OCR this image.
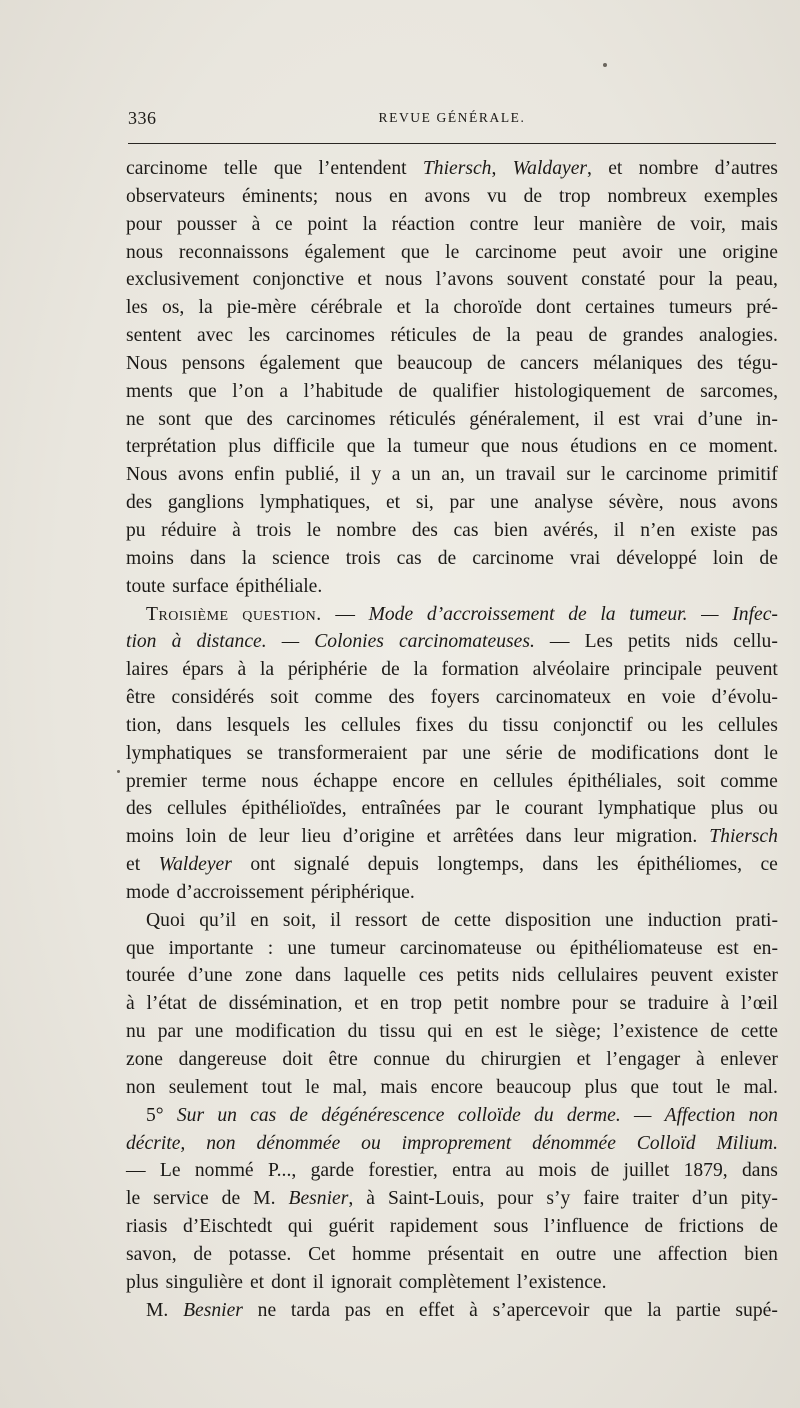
336	REVUE GÉNÉRALE.
carcinome telle que l’entendent Thiersch, Waldayer, et nombre d’autres
observateurs éminents; nous en avons vu de trop nombreux exemples
pour pousser à ce point la réaction contre leur manière de voir, mais
nous reconnaissons également que le carcinome peut avoir une origine
exclusivement conjonctive et nous l’avons souvent constaté pour la peau,
les os, la pie-mère cérébrale et la choroïde dont certaines tumeurs pré-
sentent avec les carcinomes réticules de la peau de grandes analogies.
Nous pensons également que beaucoup de cancers mélaniques des tégu-
ments que l’on a l’habitude de qualifier histologiquement de sarcomes,
ne sont que des carcinomes réticulés généralement, il est vrai d’une in-
terprétation plus difficile que la tumeur que nous étudions en ce moment.
Nous avons enfin publié, il y a un an, un travail sur le carcinome primitif
des ganglions lymphatiques, et si, par une analyse sévère, nous avons
pu réduire à trois le nombre des cas bien avérés, il n’en existe pas
moins dans la science trois cas de carcinome vrai développé loin de
toute surface épithéliale.
Troisième question. — Mode d’accroissement de la tumeur. — Infec-
tion à distance. — Colonies carcinomateuses. — Les petits nids cellu-
laires épars à la périphérie de la formation alvéolaire principale peuvent
être considérés soit comme des foyers carcinomateux en voie d’évolu-
tion, dans lesquels les cellules fixes du tissu conjonctif ou les cellules
lymphatiques se transformeraient par une série de modifications dont le
premier terme nous échappe encore en cellules épithéliales, soit comme
des cellules épithélioïdes, entraînées par le courant lymphatique plus ou
moins loin de leur lieu d’origine et arrêtées dans leur migration. Thiersch
et Waldeyer ont signalé depuis longtemps, dans les épithéliomes, ce
mode d’accroissement périphérique.
Quoi qu’il en soit, il ressort de cette disposition une induction prati-
que importante : une tumeur carcinomateuse ou épithéliomateuse est en-
tourée d’une zone dans laquelle ces petits nids cellulaires peuvent exister
à l’état de dissémination, et en trop petit nombre pour se traduire à l’œil
nu par une modification du tissu qui en est le siège; l’existence de cette
zone dangereuse doit être connue du chirurgien et l’engager à enlever
non seulement tout le mal, mais encore beaucoup plus que tout le mal.
5° Sur un cas de dégénérescence colloïde du derme. — Affection non
décrite, non dénommée ou improprement dénommée Colloïd Milium.
— Le nommé P..., garde forestier, entra au mois de juillet 1879, dans
le service de M. Besnier, à Saint-Louis, pour s’y faire traiter d’un pity-
riasis d’Eischtedt qui guérit rapidement sous l’influence de frictions de
savon, de potasse. Cet homme présentait en outre une affection bien
plus singulière et dont il ignorait complètement l’existence.
M. Besnier ne tarda pas en effet à s’apercevoir que la partie supé-
